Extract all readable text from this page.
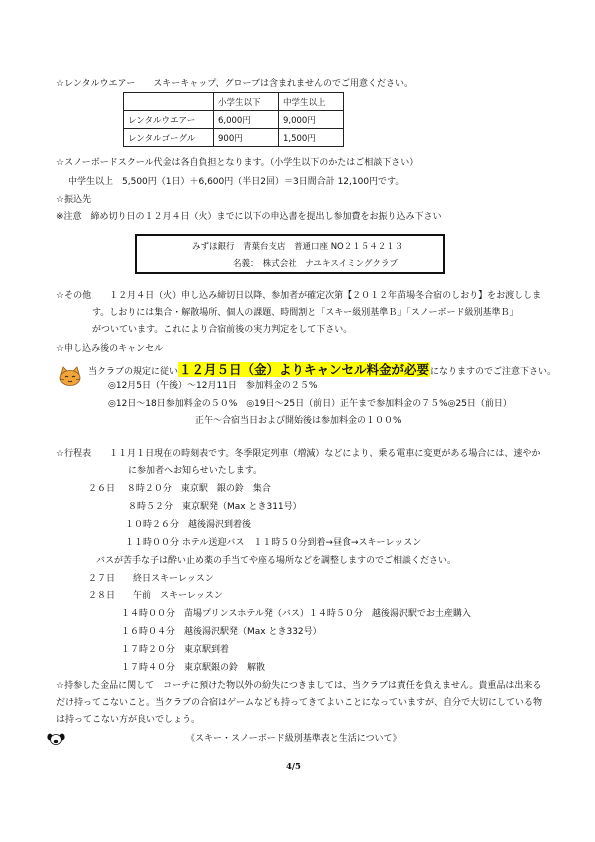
☆レンタルウエアー　　スキーキャップ、グローブは含まれませんのでご用意ください。
	小学生以下	中学生以上
レンタルウエアー	6,000円	9,000円
レンタルゴーグル	900円	1,500円
☆スノーボードスクール代金は各自負担となります。（小学生以下のかたはご相談下さい）
中学生以上　5,500円（1日）＋6,600円（半日2回）＝3日間合計 12,100円です。
☆振込先
※注意　締め切り日の１２月４日（火）までに以下の申込書を提出し参加費をお振り込み下さい
みずほ銀行　青葉台支店　普通口座 NO２１５４２１３
名義：　株式会社　ナユキスイミングクラブ
☆その他　　１２月４日（火）申し込み締切日以降、参加者が確定次第【２０１２年苗場冬合宿のしおり】をお渡ししま
す。しおりには集合・解散場所、個人の課題、時間割と「スキー級別基準Ｂ」「スノーボード級別基準Ｂ」
がついています。これにより合宿前後の実力判定をして下さい。
☆申し込み後のキャンセル
当クラブの規定に従い１２月５日（金）よりキャンセル料金が必要になりますのでご注意下さい。
◎12月5日（午後）～12月11日　参加料金の２５%
◎12日～18日参加料金の５０%　◎19日～25日（前日）正午まで参加料金の７５%◎25日（前日）
正午～合宿当日および開始後は参加料金の１００%
☆行程表　　１１月１日現在の時刻表です。冬季限定列車（増減）などにより、乗る電車に変更がある場合には、速やか
に参加者へお知らせいたします。
２６日　 ８時２０分　東京駅　銀の鈴　集合
８時５２分　東京駅発（Max とき311号）
１０時２６分　越後湯沢到着後
１１時００分 ホテル送迎バス　１１時５０分到着→昼食→スキーレッスン
バスが苦手な子は酔い止め薬の手当てや座る場所などを調整しますのでご相談ください。
２７日　　終日スキーレッスン
２８日　　午前　スキーレッスン
１４時００分　苗場プリンスホテル発（バス）１４時５０分　越後湯沢駅でお土産購入
１６時０４分　越後湯沢駅発（Max とき332号）
１７時２０分　東京駅到着
１７時４０分　東京駅銀の鈴　解散
☆持参した金品に関して　コーチに預けた物以外の紛失につきましては、当クラブは責任を負えません。貴重品は出来る
だけ持ってこないこと。当クラブの合宿はゲームなども持ってきてよいことになっていますが、自分で大切にしている物
は持ってこない方が良いでしょう。
《スキー・スノーボード級別基準表と生活について》
4/5
